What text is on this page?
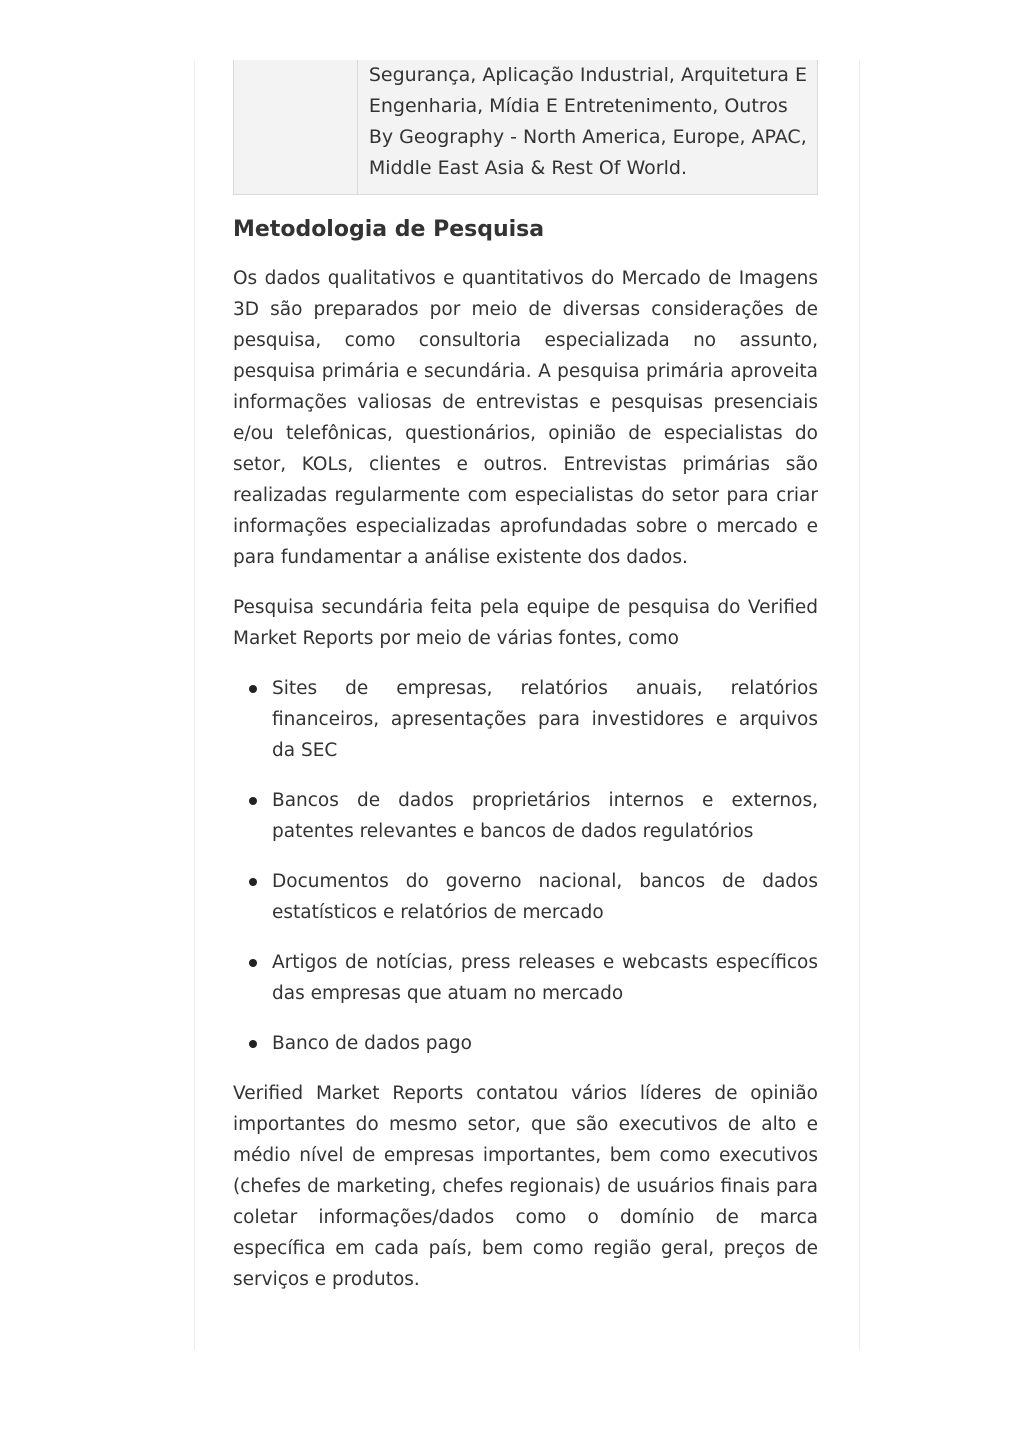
Segurança, Aplicação Industrial, Arquitetura E
Engenharia, Mídia E Entretenimento, Outros
By Geography - North America, Europe, APAC,
Middle East Asia & Rest Of World.
Metodologia de Pesquisa

Os dados qualitativos e quantitativos do Mercado de Imagens 3D são preparados por meio de diversas considerações de pesquisa, como consultoria especializada no assunto, pesquisa primária e secundária. A pesquisa primária aproveita informações valiosas de entrevistas e pesquisas presenciais e/ou telefônicas, questionários, opinião de especialistas do setor, KOLs, clientes e outros. Entrevistas primárias são realizadas regularmente com especialistas do setor para criar informações especializadas aprofundadas sobre o mercado e para fundamentar a análise existente dos dados.

Pesquisa secundária feita pela equipe de pesquisa do Verified Market Reports por meio de várias fontes, como

Sites de empresas, relatórios anuais, relatórios financeiros, apresentações para investidores e arquivos da SEC
Bancos de dados proprietários internos e externos, patentes relevantes e bancos de dados regulatórios
Documentos do governo nacional, bancos de dados estatísticos e relatórios de mercado
Artigos de notícias, press releases e webcasts específicos das empresas que atuam no mercado
Banco de dados pago

Verified Market Reports contatou vários líderes de opinião importantes do mesmo setor, que são executivos de alto e médio nível de empresas importantes, bem como executivos (chefes de marketing, chefes regionais) de usuários finais para coletar informações/dados como o domínio de marca específica em cada país, bem como região geral, preços de serviços e produtos.
